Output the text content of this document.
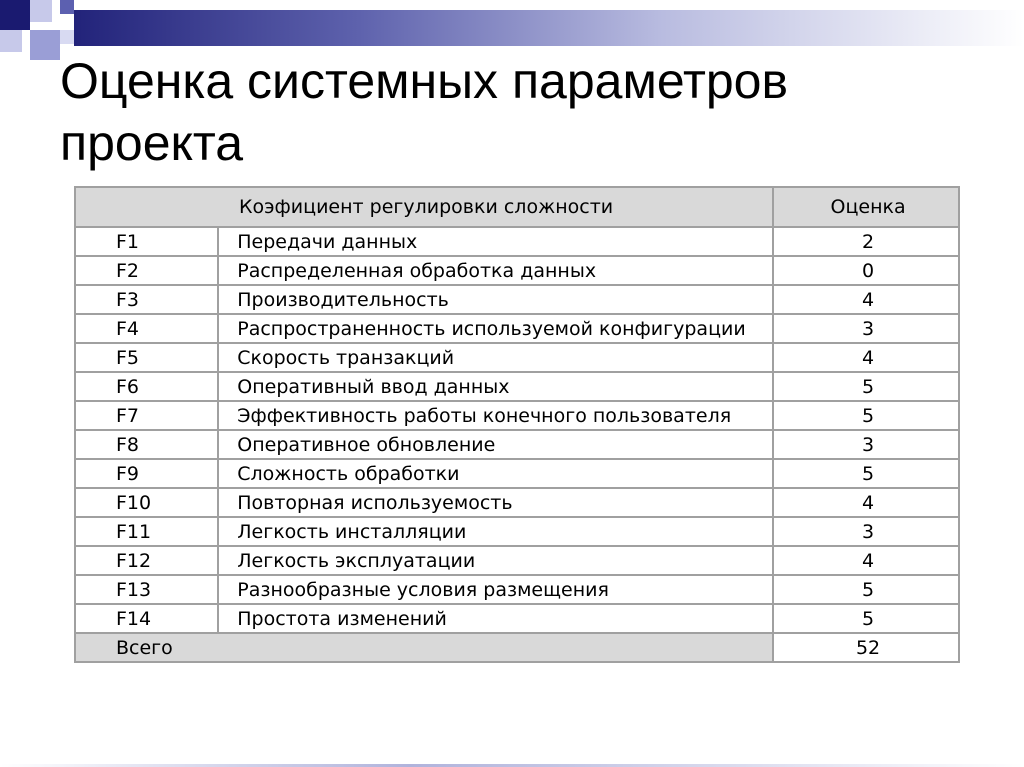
Оценка системных параметров
проекта
Коэфициент регулировки сложности		Оценка
F1	Передачи данных	2
F2	Распределенная обработка данных	0
F3	Производительность	4
F4	Распространенность используемой конфигурации	3
F5	Скорость транзакций	4
F6	Оперативный ввод данных	5
F7	Эффективность работы конечного пользователя	5
F8	Оперативное обновление	3
F9	Сложность обработки	5
F10	Повторная используемость	4
F11	Легкость инсталляции	3
F12	Легкость эксплуатации	4
F13	Разнообразные условия размещения	5
F14	Простота изменений	5
Всего		52
